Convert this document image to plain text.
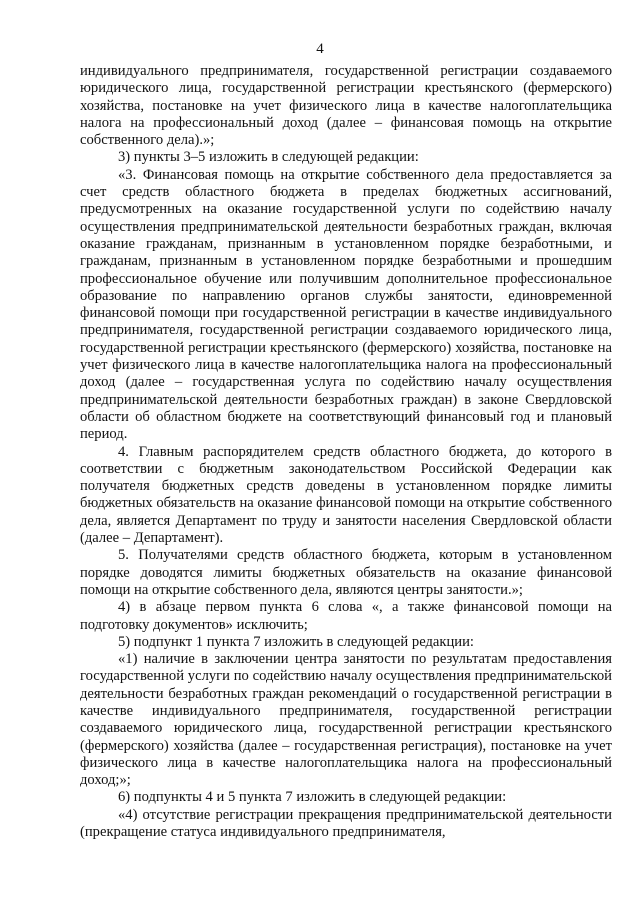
4

индивидуального предпринимателя, государственной регистрации создаваемого юридического лица, государственной регистрации крестьянского (фермерского) хозяйства, постановке на учет физического лица в качестве налогоплательщика налога на профессиональный доход (далее – финансовая помощь на открытие собственного дела).»;

3) пункты 3–5 изложить в следующей редакции:

«3. Финансовая помощь на открытие собственного дела предоставляется за счет средств областного бюджета в пределах бюджетных ассигнований, предусмотренных на оказание государственной услуги по содействию началу осуществления предпринимательской деятельности безработных граждан, включая оказание гражданам, признанным в установленном порядке безработными, и гражданам, признанным в установленном порядке безработными и прошедшим профессиональное обучение или получившим дополнительное профессиональное образование по направлению органов службы занятости, единовременной финансовой помощи при государственной регистрации в качестве индивидуального предпринимателя, государственной регистрации создаваемого юридического лица, государственной регистрации крестьянского (фермерского) хозяйства, постановке на учет физического лица в качестве налогоплательщика налога на профессиональный доход (далее – государственная услуга по содействию началу осуществления предпринимательской деятельности безработных граждан) в законе Свердловской области об областном бюджете на соответствующий финансовый год и плановый период.

4. Главным распорядителем средств областного бюджета, до которого в соответствии с бюджетным законодательством Российской Федерации как получателя бюджетных средств доведены в установленном порядке лимиты бюджетных обязательств на оказание финансовой помощи на открытие собственного дела, является Департамент по труду и занятости населения Свердловской области (далее – Департамент).

5. Получателями средств областного бюджета, которым в установленном порядке доводятся лимиты бюджетных обязательств на оказание финансовой помощи на открытие собственного дела, являются центры занятости.»;

4) в абзаце первом пункта 6 слова «, а также финансовой помощи на подготовку документов» исключить;

5) подпункт 1 пункта 7 изложить в следующей редакции:

«1) наличие в заключении центра занятости по результатам предоставления государственной услуги по содействию началу осуществления предпринимательской деятельности безработных граждан рекомендаций о государственной регистрации в качестве индивидуального предпринимателя, государственной регистрации создаваемого юридического лица, государственной регистрации крестьянского (фермерского) хозяйства (далее – государственная регистрация), постановке на учет физического лица в качестве налогоплательщика налога на профессиональный доход;»;

6) подпункты 4 и 5 пункта 7 изложить в следующей редакции:

«4) отсутствие регистрации прекращения предпринимательской деятельности (прекращение статуса индивидуального предпринимателя,
